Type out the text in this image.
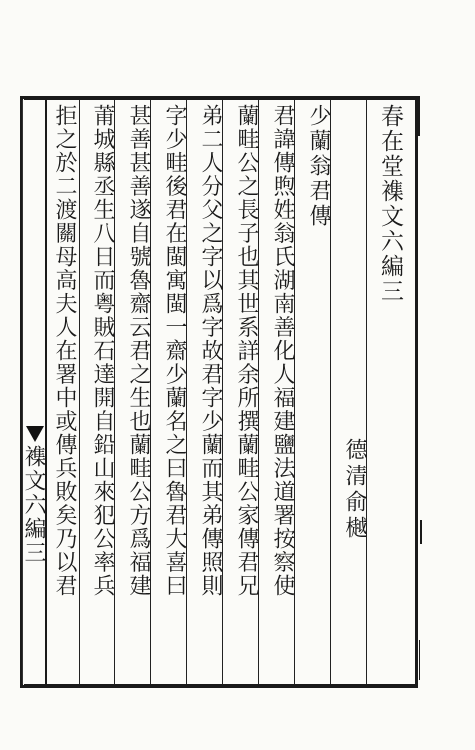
襍文六編三
春在堂襍文六編三
少蘭翁君傳
德清俞樾
君諱傳煦姓翁氏湖南善化人福建鹽法道署按察使
蘭畦公之長子也其世系詳余所撰蘭畦公家傳君兄
弟二人分父之字以爲字故君字少蘭而其弟傳照則
字少畦後君在閩寓閩一齋少蘭名之曰魯君大喜曰
甚善甚善遂自號魯齋云君之生也蘭畦公方爲福建
莆城縣丞生八日而粤賊石達開自鉛山來犯公率兵
拒之於二渡關母高夫人在署中或傳兵敗矣乃以君
